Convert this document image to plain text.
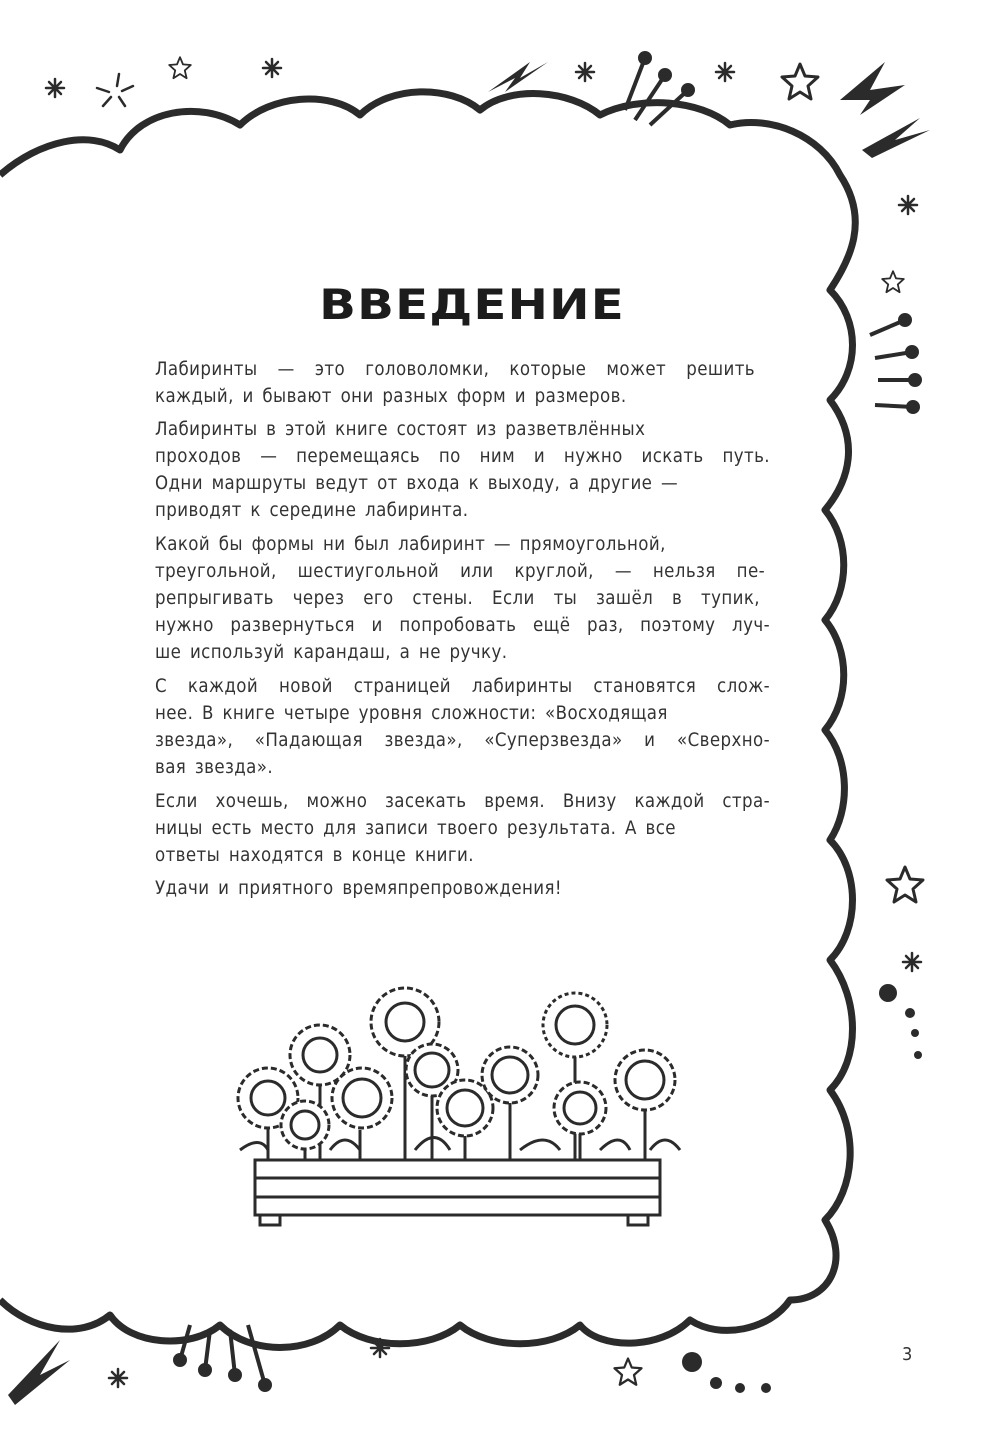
ВВЕДЕНИЕ
Лабиринты — это головоломки, которые может решить
каждый, и бывают они разных форм и размеров.
Лабиринты в этой книге состоят из разветвлённых
проходов — перемещаясь по ним и нужно искать путь.
Одни маршруты ведут от входа к выходу, а другие —
приводят к середине лабиринта.
Какой бы формы ни был лабиринт — прямоугольной,
треугольной, шестиугольной или круглой, — нельзя пе-
репрыгивать через его стены. Если ты зашёл в тупик,
нужно развернуться и попробовать ещё раз, поэтому луч-
ше используй карандаш, а не ручку.
С каждой новой страницей лабиринты становятся слож-
нее. В книге четыре уровня сложности: «Восходящая
звезда», «Падающая звезда», «Суперзвезда» и «Сверхно-
вая звезда».
Если хочешь, можно засекать время. Внизу каждой стра-
ницы есть место для записи твоего результата. А все
ответы находятся в конце книги.
Удачи и приятного времяпрепровождения!
3
